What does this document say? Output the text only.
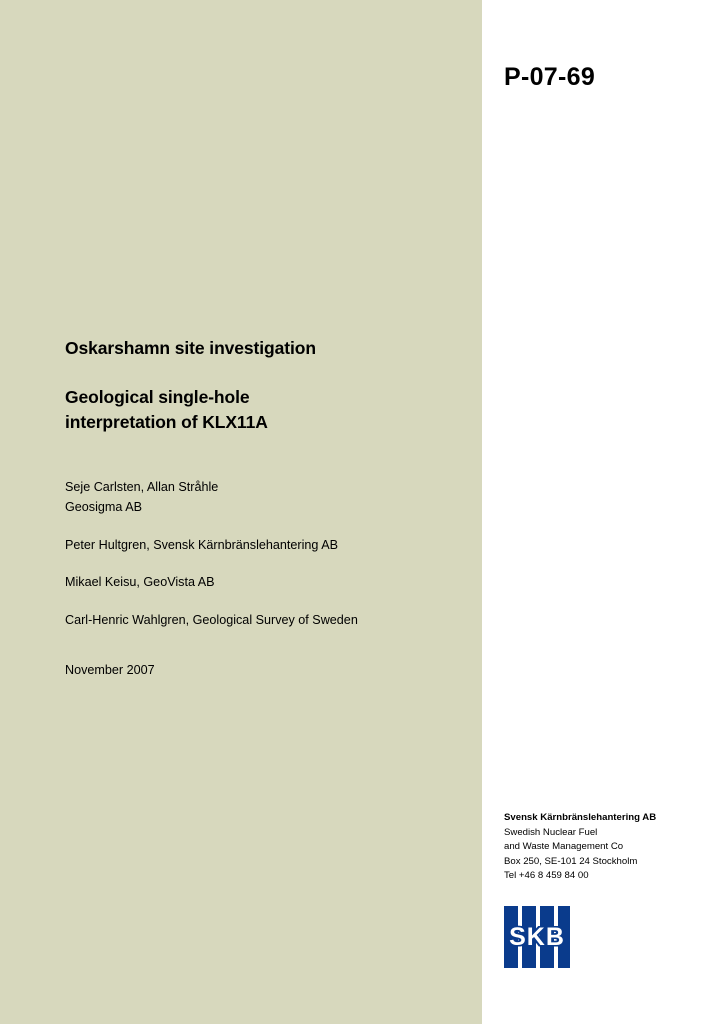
P-07-69
Oskarshamn site investigation
Geological single-hole
interpretation of KLX11A
Seje Carlsten, Allan Stråhle
Geosigma AB
Peter Hultgren, Svensk Kärnbränslehantering AB
Mikael Keisu, GeoVista AB
Carl-Henric Wahlgren, Geological Survey of Sweden
November 2007
Svensk Kärnbränslehantering AB
Swedish Nuclear Fuel
and Waste Management Co
Box 250, SE-101 24 Stockholm
Tel +46 8 459 84 00
SKB
